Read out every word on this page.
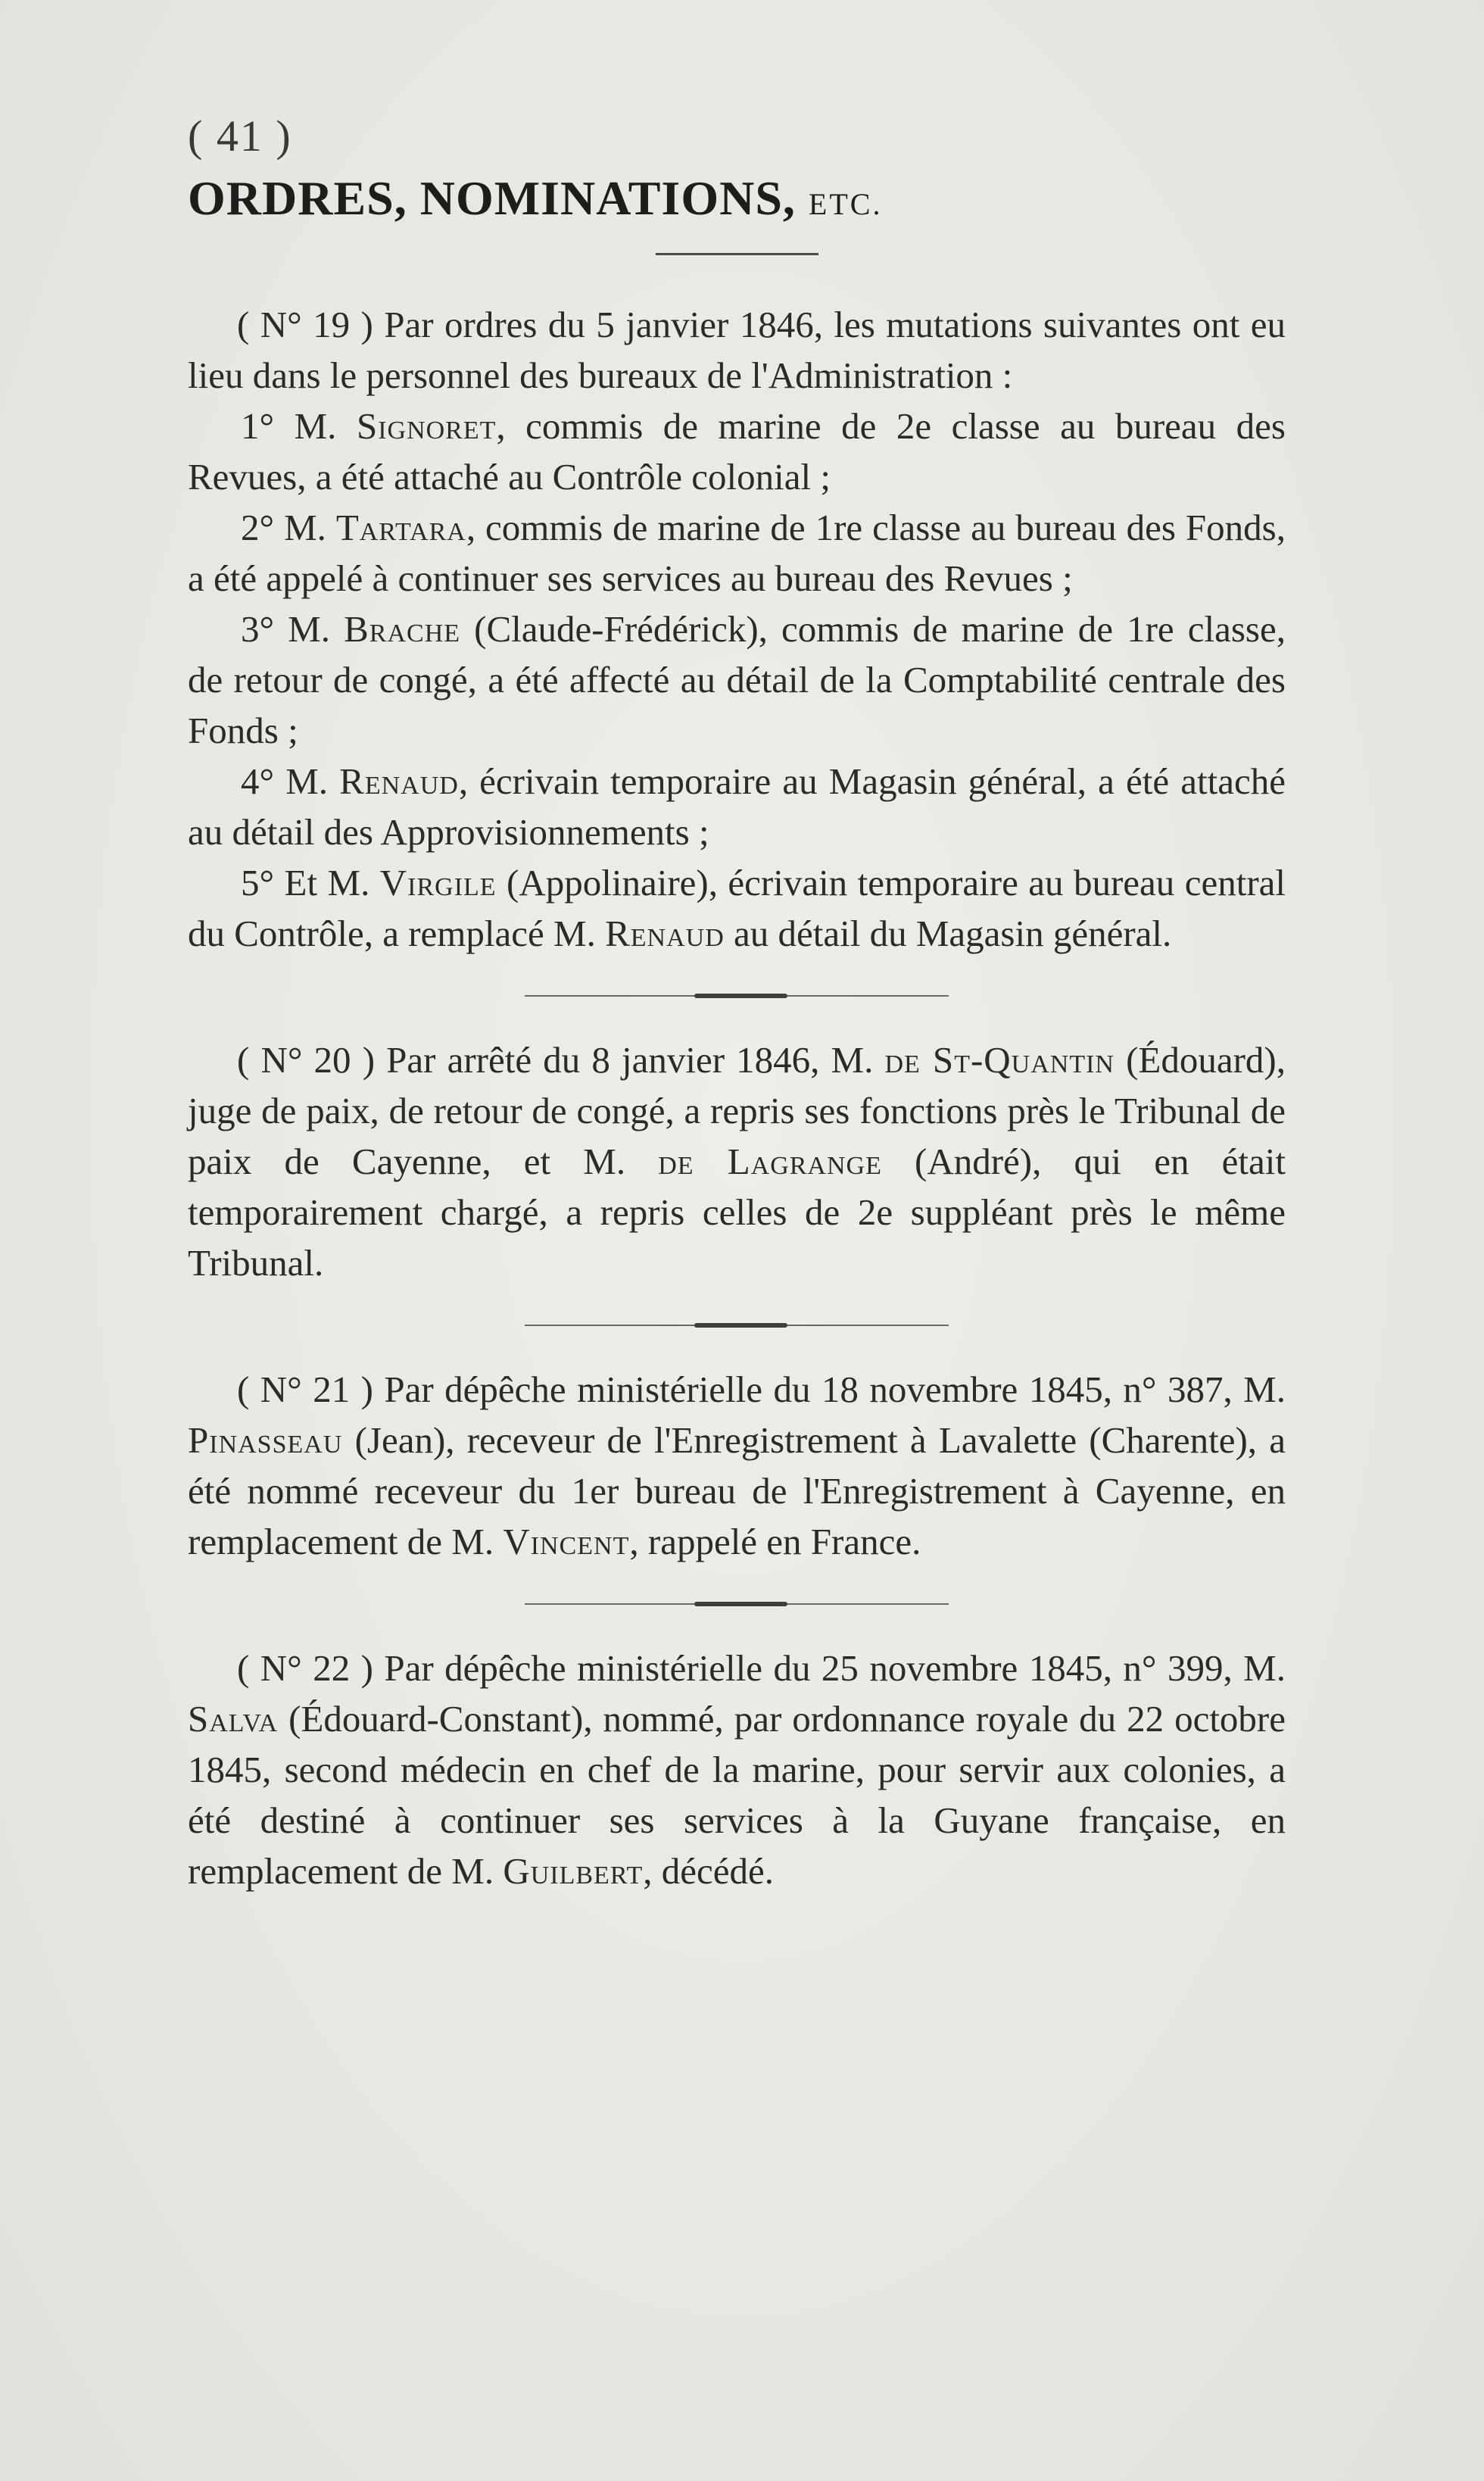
( 41 )
ORDRES, NOMINATIONS, ETC.

( N° 19 ) Par ordres du 5 janvier 1846, les mutations suivantes ont eu lieu dans le personnel des bureaux de l'Administration :

1° M. Signoret, commis de marine de 2e classe au bureau des Revues, a été attaché au Contrôle colonial ;

2° M. Tartara, commis de marine de 1re classe au bureau des Fonds, a été appelé à continuer ses services au bureau des Revues ;

3° M. Brache (Claude-Frédérick), commis de marine de 1re classe, de retour de congé, a été affecté au détail de la Comptabilité centrale des Fonds ;

4° M. Renaud, écrivain temporaire au Magasin général, a été attaché au détail des Approvisionnements ;

5° Et M. Virgile (Appolinaire), écrivain temporaire au bureau central du Contrôle, a remplacé M. Renaud au détail du Magasin général.

( N° 20 ) Par arrêté du 8 janvier 1846, M. de St-Quantin (Édouard), juge de paix, de retour de congé, a repris ses fonctions près le Tribunal de paix de Cayenne, et M. de Lagrange (André), qui en était temporairement chargé, a repris celles de 2e suppléant près le même Tribunal.

( N° 21 ) Par dépêche ministérielle du 18 novembre 1845, n° 387, M. Pinasseau (Jean), receveur de l'Enregistrement à Lavalette (Charente), a été nommé receveur du 1er bureau de l'Enregistrement à Cayenne, en remplacement de M. Vincent, rappelé en France.

( N° 22 ) Par dépêche ministérielle du 25 novembre 1845, n° 399, M. Salva (Édouard-Constant), nommé, par ordonnance royale du 22 octobre 1845, second médecin en chef de la marine, pour servir aux colonies, a été destiné à continuer ses services à la Guyane française, en remplacement de M. Guilbert, décédé.
